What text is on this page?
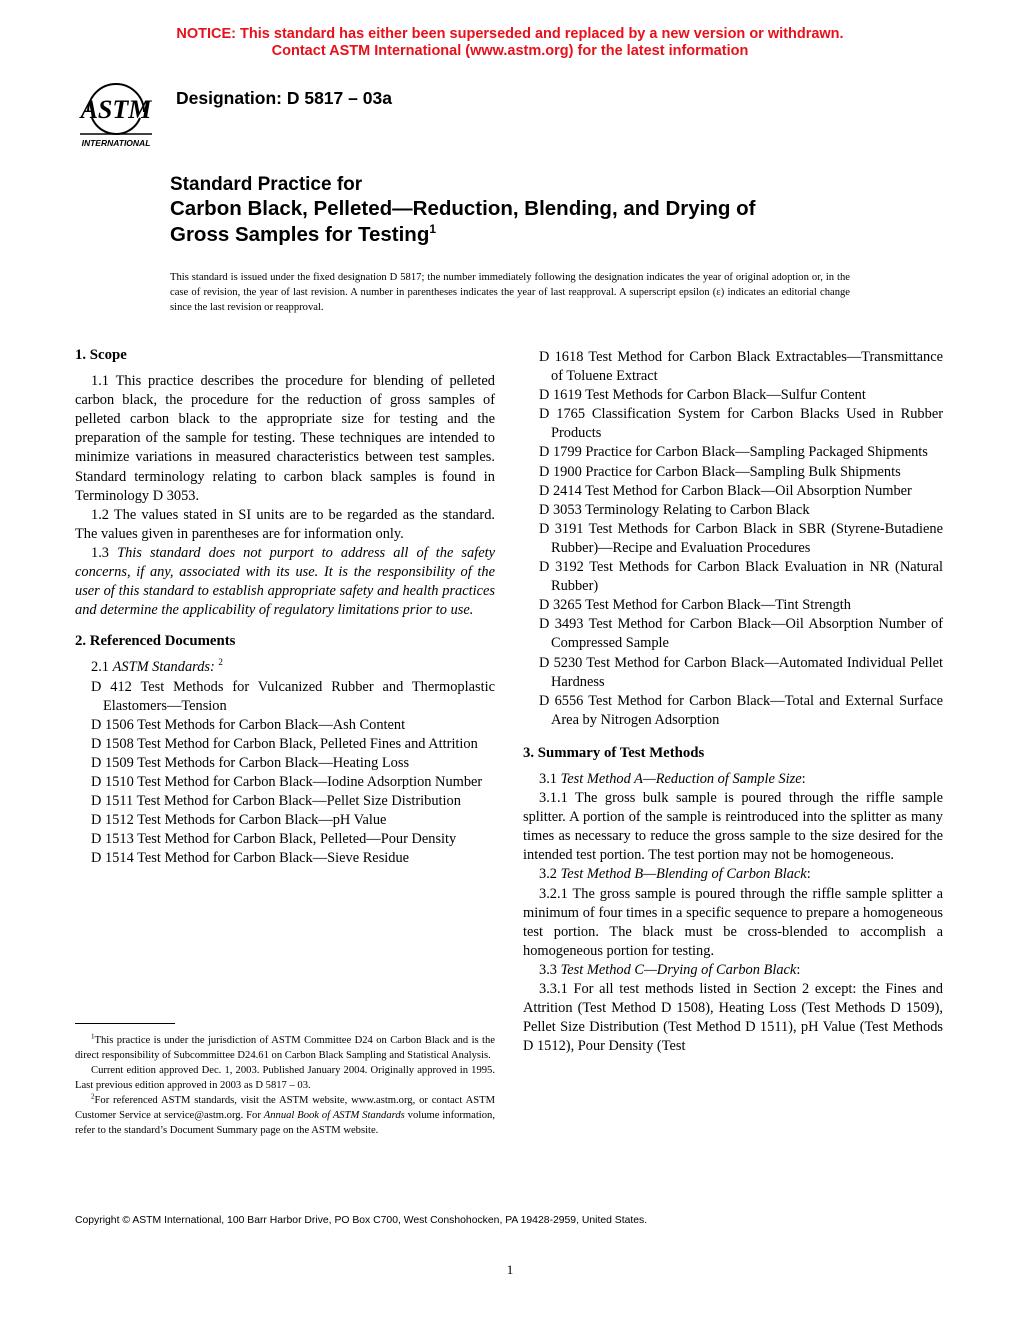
NOTICE: This standard has either been superseded and replaced by a new version or withdrawn.
Contact ASTM International (www.astm.org) for the latest information
ASTM
INTERNATIONAL
Designation: D 5817 – 03a
Standard Practice for
Carbon Black, Pelleted—Reduction, Blending, and Drying of
Gross Samples for Testing$^1$
This standard is issued under the fixed designation D 5817; the number immediately following the designation indicates the year of original adoption or, in the case of revision, the year of last revision. A number in parentheses indicates the year of last reapproval. A superscript epsilon (ε) indicates an editorial change since the last revision or reapproval.
1. Scope

1.1 This practice describes the procedure for blending of pelleted carbon black, the procedure for the reduction of gross samples of pelleted carbon black to the appropriate size for testing and the preparation of the sample for testing. These techniques are intended to minimize variations in measured characteristics between test samples. Standard terminology relating to carbon black samples is found in Terminology D 3053.

1.2 The values stated in SI units are to be regarded as the standard. The values given in parentheses are for information only.

1.3 This standard does not purport to address all of the safety concerns, if any, associated with its use. It is the responsibility of the user of this standard to establish appropriate safety and health practices and determine the applicability of regulatory limitations prior to use.

2. Referenced Documents
2.1 ASTM Standards: $^2$
D 412 Test Methods for Vulcanized Rubber and Thermoplastic Elastomers—Tension
D 1506 Test Methods for Carbon Black—Ash Content
D 1508 Test Method for Carbon Black, Pelleted Fines and Attrition
D 1509 Test Methods for Carbon Black—Heating Loss
D 1510 Test Method for Carbon Black—Iodine Adsorption Number
D 1511 Test Method for Carbon Black—Pellet Size Distribution
D 1512 Test Methods for Carbon Black—pH Value
D 1513 Test Method for Carbon Black, Pelleted—Pour Density
D 1514 Test Method for Carbon Black—Sieve Residue
D 1618 Test Method for Carbon Black Extractables—Transmittance of Toluene Extract
D 1619 Test Methods for Carbon Black—Sulfur Content
D 1765 Classification System for Carbon Blacks Used in Rubber Products
D 1799 Practice for Carbon Black—Sampling Packaged Shipments
D 1900 Practice for Carbon Black—Sampling Bulk Shipments
D 2414 Test Method for Carbon Black—Oil Absorption Number
D 3053 Terminology Relating to Carbon Black
D 3191 Test Methods for Carbon Black in SBR (Styrene-Butadiene Rubber)—Recipe and Evaluation Procedures
D 3192 Test Methods for Carbon Black Evaluation in NR (Natural Rubber)
D 3265 Test Method for Carbon Black—Tint Strength
D 3493 Test Method for Carbon Black—Oil Absorption Number of Compressed Sample
D 5230 Test Method for Carbon Black—Automated Individual Pellet Hardness
D 6556 Test Method for Carbon Black—Total and External Surface Area by Nitrogen Adsorption
3. Summary of Test Methods
3.1 Test Method A—Reduction of Sample Size:

3.1.1 The gross bulk sample is poured through the riffle sample splitter. A portion of the sample is reintroduced into the splitter as many times as necessary to reduce the gross sample to the size desired for the intended test portion. The test portion may not be homogeneous.

3.2 Test Method B—Blending of Carbon Black:

3.2.1 The gross sample is poured through the riffle sample splitter a minimum of four times in a specific sequence to prepare a homogeneous test portion. The black must be cross-blended to accomplish a homogeneous portion for testing.

3.3 Test Method C—Drying of Carbon Black:

3.3.1 For all test methods listed in Section 2 except: the Fines and Attrition (Test Method D 1508), Heating Loss (Test Methods D 1509), Pellet Size Distribution (Test Method D 1511), pH Value (Test Methods D 1512), Pour Density (Test

$^1$This practice is under the jurisdiction of ASTM Committee D24 on Carbon Black and is the direct responsibility of Subcommittee D24.61 on Carbon Black Sampling and Statistical Analysis.
Current edition approved Dec. 1, 2003. Published January 2004. Originally approved in 1995. Last previous edition approved in 2003 as D 5817 – 03.
$^2$For referenced ASTM standards, visit the ASTM website, www.astm.org, or contact ASTM Customer Service at service@astm.org. For Annual Book of ASTM Standards volume information, refer to the standard’s Document Summary page on the ASTM website.
Copyright © ASTM International, 100 Barr Harbor Drive, PO Box C700, West Conshohocken, PA 19428-2959, United States.
1
